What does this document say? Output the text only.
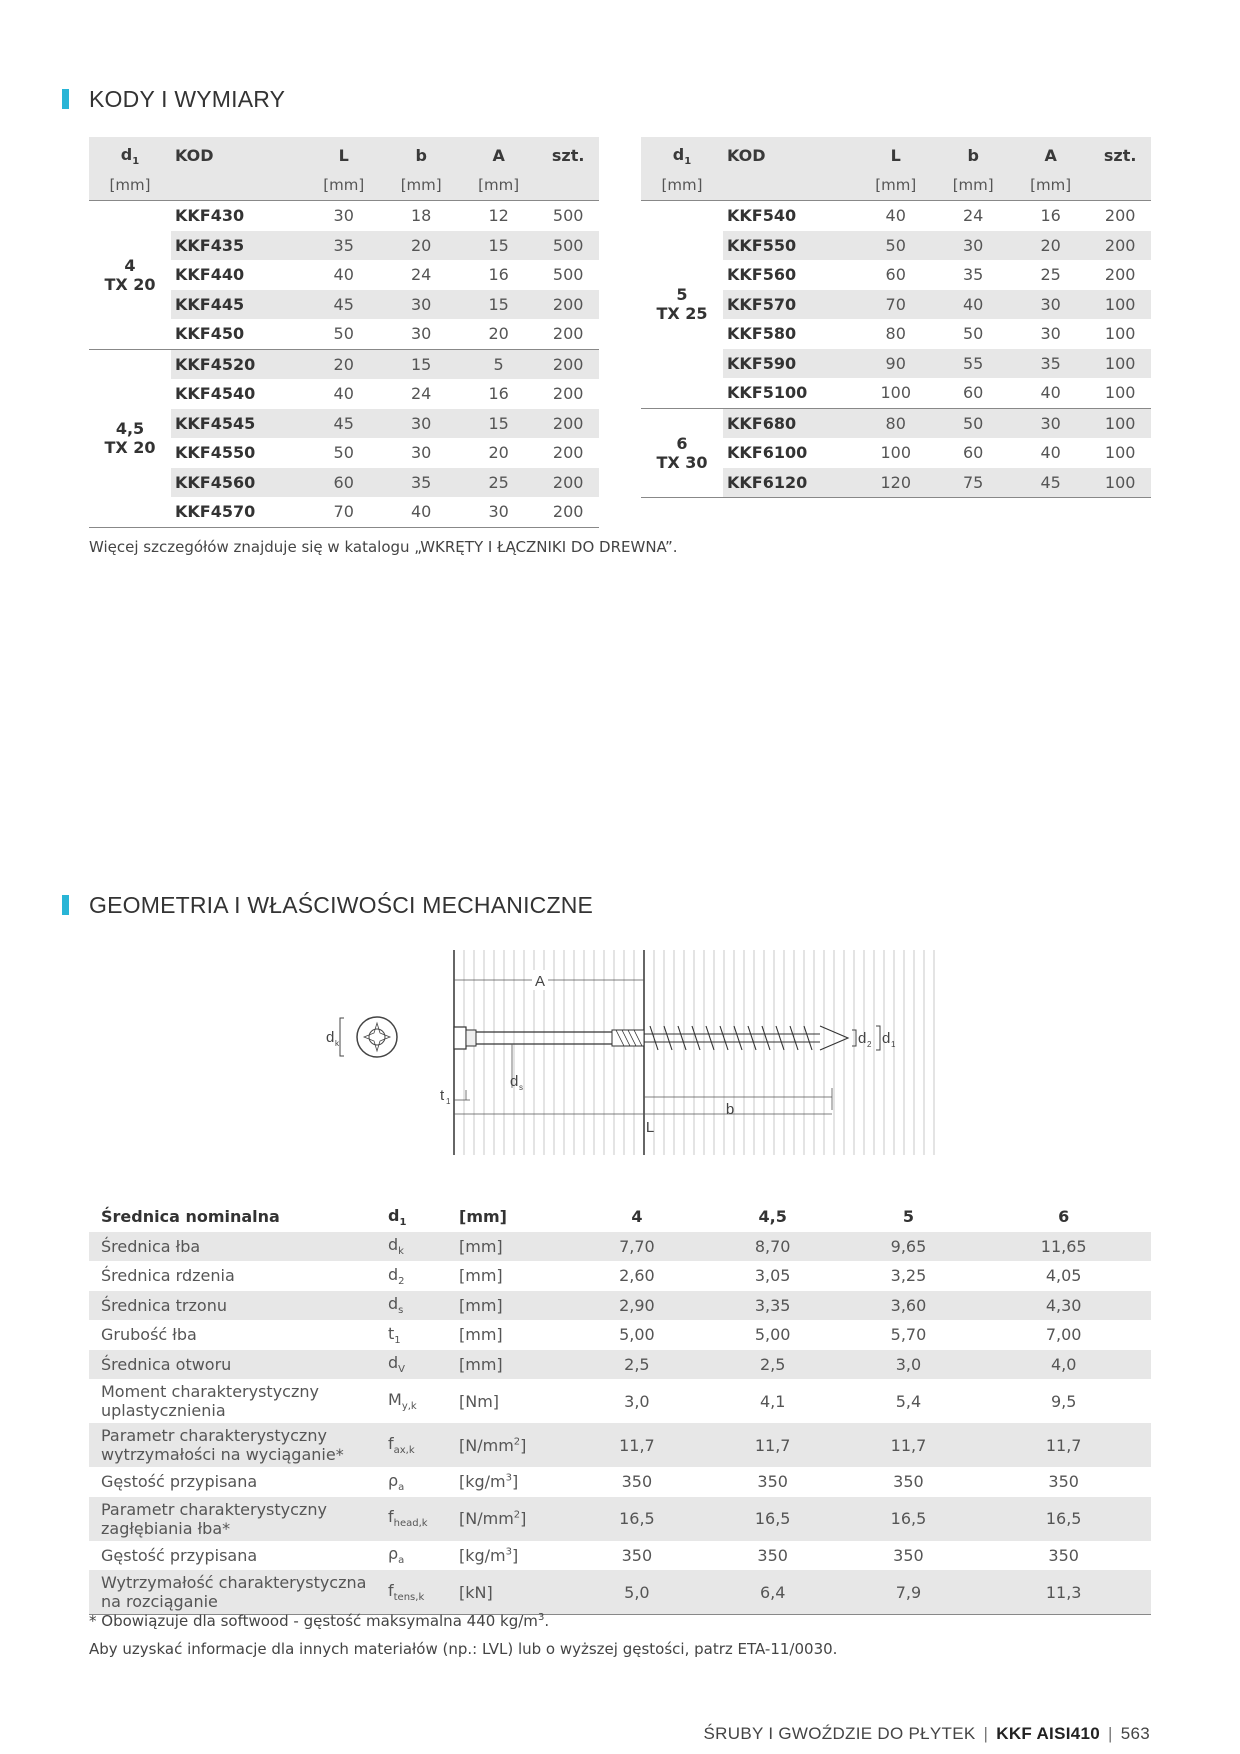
KODY I WYMIARY
$d_1$	KOD	L	b	A	szt.
[mm]		[mm]	[mm]	[mm]	

4
TX 20	KKF430	30	18	12	500
	KKF435	35	20	15	500
	KKF440	40	24	16	500
	KKF445	45	30	15	200
	KKF450	50	30	20	200

4,5
TX 20	KKF4520	20	15	5	200
	KKF4540	40	24	16	200
	KKF4545	45	30	15	200
	KKF4550	50	30	20	200
	KKF4560	60	35	25	200
	KKF4570	70	40	30	200
$d_1$	KOD	L	b	A	szt.
[mm]		[mm]	[mm]	[mm]	

5
TX 25	KKF540	40	24	16	200
	KKF550	50	30	20	200
	KKF560	60	35	25	200
	KKF570	70	40	30	100
	KKF580	80	50	30	100
	KKF590	90	55	35	100
	KKF5100	100	60	40	100

6
TX 30	KKF680	80	50	30	100
	KKF6100	100	60	40	100
	KKF6120	120	75	45	100
Więcej szczegółów znajduje się w katalogu „WKRĘTY I ŁĄCZNIKI DO DREWNA”.
GEOMETRIA I WŁAŚCIWOŚCI MECHANICZNE
A
d k	d 2 d 1
d s
t 1	b
L
Średnica nominalna	$d_1$	[mm]	4	4,5	5	6

Średnica łba	$d_k$	[mm]	7,70	8,70	9,65	11,65

Średnica rdzenia	$d_2$	[mm]	2,60	3,05	3,25	4,05

Średnica trzonu	$d_s$	[mm]	2,90	3,35	3,60	4,30

Grubość łba	$t_1$	[mm]	5,00	5,00	5,70	7,00

Średnica otworu	$d_V$	[mm]	2,5	2,5	3,0	4,0

Moment charakterystyczny
uplastycznienia	$M_{y,k}$	[Nm]	3,0	4,1	5,4	9,5

Parametr charakterystyczny
wytrzymałości na wyciąganie*	$f_{ax,k}$	$[N/mm^2]$	11,7	11,7	11,7	11,7

Gęstość przypisana	$\rho_a$	$[kg/m^3]$	350	350	350	350

Parametr charakterystyczny
zagłębiania łba*	$f_{head,k}$	$[N/mm^2]$	16,5	16,5	16,5	16,5

Gęstość przypisana	$\rho_a$	$[kg/m^3]$	350	350	350	350

Wytrzymałość charakterystyczna
na rozciąganie	$f_{tens,k}$	[kN]	5,0	6,4	7,9	11,3
* Obowiązuje dla softwood - gęstość maksymalna 440 $kg/m^3$.
Aby uzyskać informacje dla innych materiałów (np.: LVL) lub o wyższej gęstości, patrz ETA-11/0030.
ŚRUBY I GWOŹDZIE DO PŁYTEK | KKF AISI410 | 563
